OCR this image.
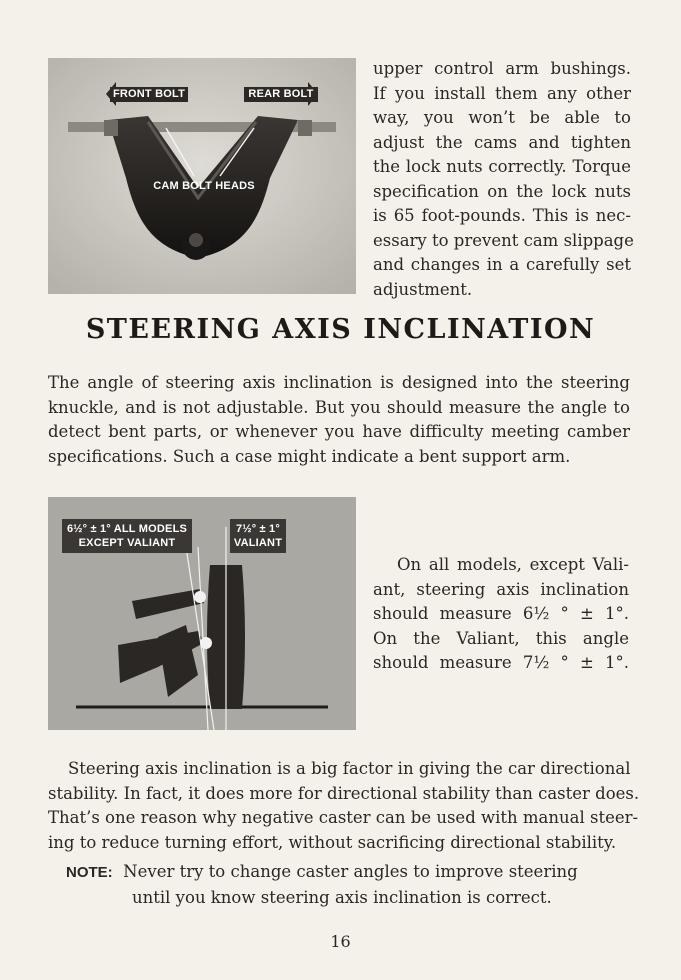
FRONT BOLT	REAR BOLT
CAM BOLT HEADS
upper control arm bushings.
If you install them any other
way, you won’t be able to
adjust the cams and tighten
the lock nuts correctly. Torque
specification on the lock nuts
is 65 foot-pounds. This is nec-
essary to prevent cam slippage
and changes in a carefully set
adjustment.
STEERING AXIS INCLINATION
The angle of steering axis inclination is designed into the steering
knuckle, and is not adjustable. But you should measure the angle to
detect bent parts, or whenever you have difficulty meeting camber
specifications. Such a case might indicate a bent support arm.
6½° ± 1° ALL MODELS
EXCEPT VALIANT
7½° ± 1°
VALIANT
On all models, except Vali-
ant, steering axis inclination
should measure 6½ ° ± 1°.
On the Valiant, this angle
should measure 7½ ° ± 1°.
Steering axis inclination is a big factor in giving the car directional
stability. In fact, it does more for directional stability than caster does.
That’s one reason why negative caster can be used with manual steer-
ing to reduce turning effort, without sacrificing directional stability.
NOTE: Never try to change caster angles to improve steering
until you know steering axis inclination is correct.
16
